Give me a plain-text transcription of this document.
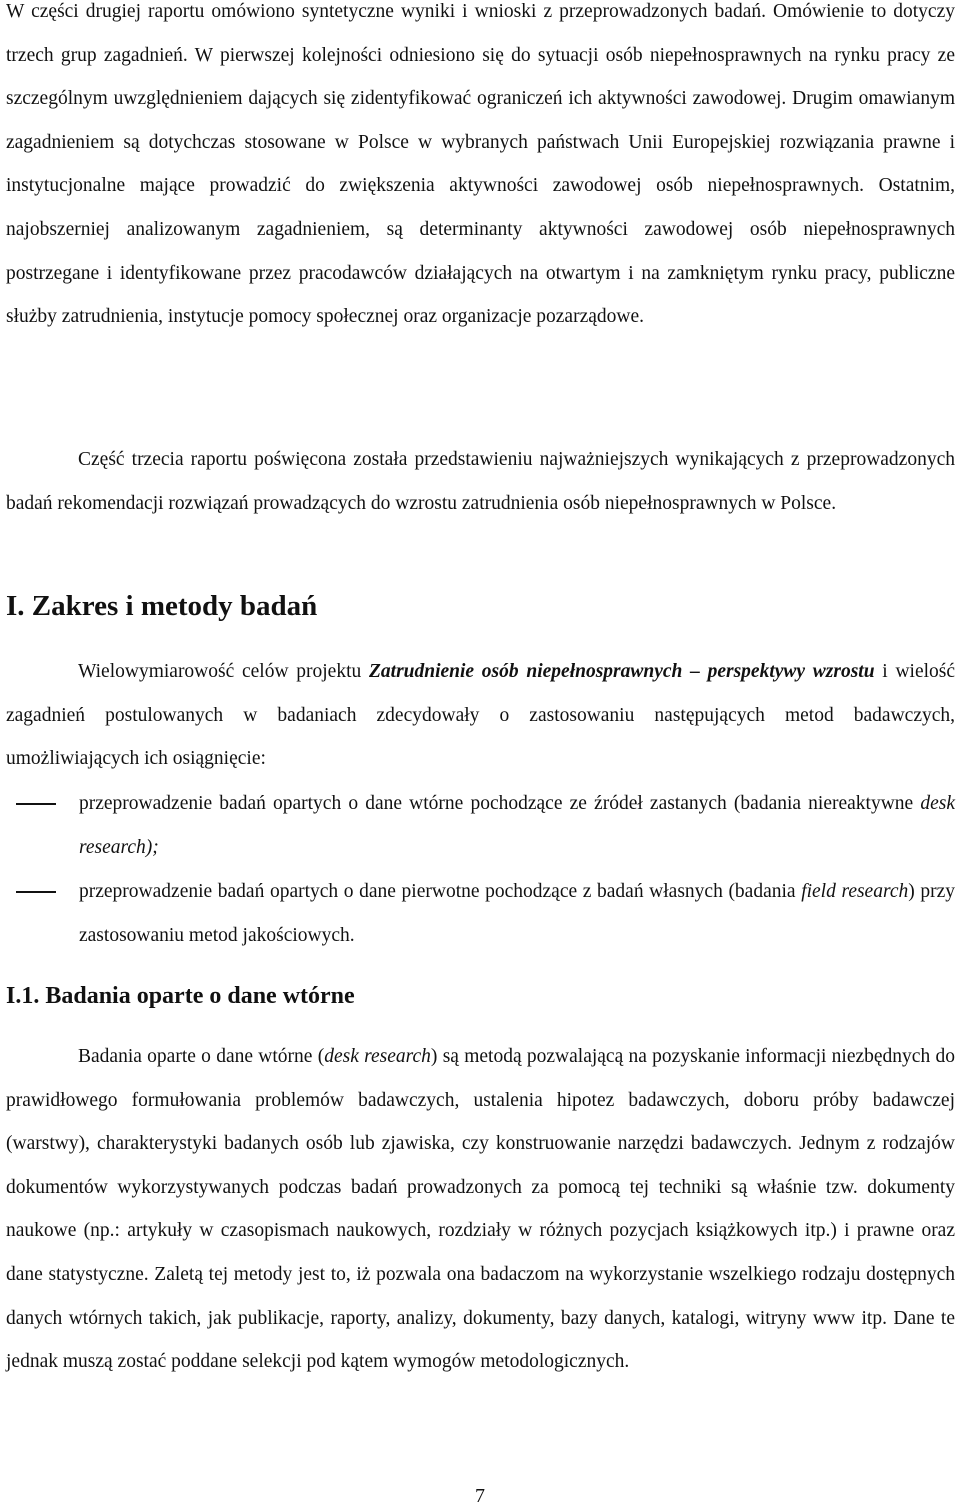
W części drugiej raportu omówiono syntetyczne wyniki i wnioski z przeprowadzonych badań. Omówienie to dotyczy trzech grup zagadnień. W pierwszej kolejności odniesiono się do sytuacji osób niepełnosprawnych na rynku pracy ze szczególnym uwzględnieniem dających się zidentyfikować ograniczeń ich aktywności zawodowej. Drugim omawianym zagadnieniem są dotychczas stosowane w Polsce w wybranych państwach Unii Europejskiej rozwiązania prawne i instytucjonalne mające prowadzić do zwiększenia aktywności zawodowej osób niepełnosprawnych. Ostatnim, najobszerniej analizowanym zagadnieniem, są determinanty aktywności zawodowej osób niepełnosprawnych postrzegane i identyfikowane przez pracodawców działających na otwartym i na zamkniętym rynku pracy, publiczne służby zatrudnienia, instytucje pomocy społecznej oraz organizacje pozarządowe.

Część trzecia raportu poświęcona została przedstawieniu najważniejszych wynikających z przeprowadzonych badań rekomendacji rozwiązań prowadzących do wzrostu zatrudnienia osób niepełnosprawnych w Polsce.

I. Zakres i metody badań

Wielowymiarowość celów projektu Zatrudnienie osób niepełnosprawnych – perspektywy wzrostu i wielość zagadnień postulowanych w badaniach zdecydowały o zastosowaniu następujących metod badawczych, umożliwiających ich osiągnięcie:

przeprowadzenie badań opartych o dane wtórne pochodzące ze źródeł zastanych (badania niereaktywne desk research);

przeprowadzenie badań opartych o dane pierwotne pochodzące z badań własnych (badania field research) przy zastosowaniu metod jakościowych.

I.1. Badania oparte o dane wtórne

Badania oparte o dane wtórne (desk research) są metodą pozwalającą na pozyskanie informacji niezbędnych do prawidłowego formułowania problemów badawczych, ustalenia hipotez badawczych, doboru próby badawczej (warstwy), charakterystyki badanych osób lub zjawiska, czy konstruowanie narzędzi badawczych. Jednym z rodzajów dokumentów wykorzystywanych podczas badań prowadzonych za pomocą tej techniki są właśnie tzw. dokumenty naukowe (np.: artykuły w czasopismach naukowych, rozdziały w różnych pozycjach książkowych itp.) i prawne oraz dane statystyczne. Zaletą tej metody jest to, iż pozwala ona badaczom na wykorzystanie wszelkiego rodzaju dostępnych danych wtórnych takich, jak publikacje, raporty, analizy, dokumenty, bazy danych, katalogi, witryny www itp. Dane te jednak muszą zostać poddane selekcji pod kątem wymogów metodologicznych.

7
